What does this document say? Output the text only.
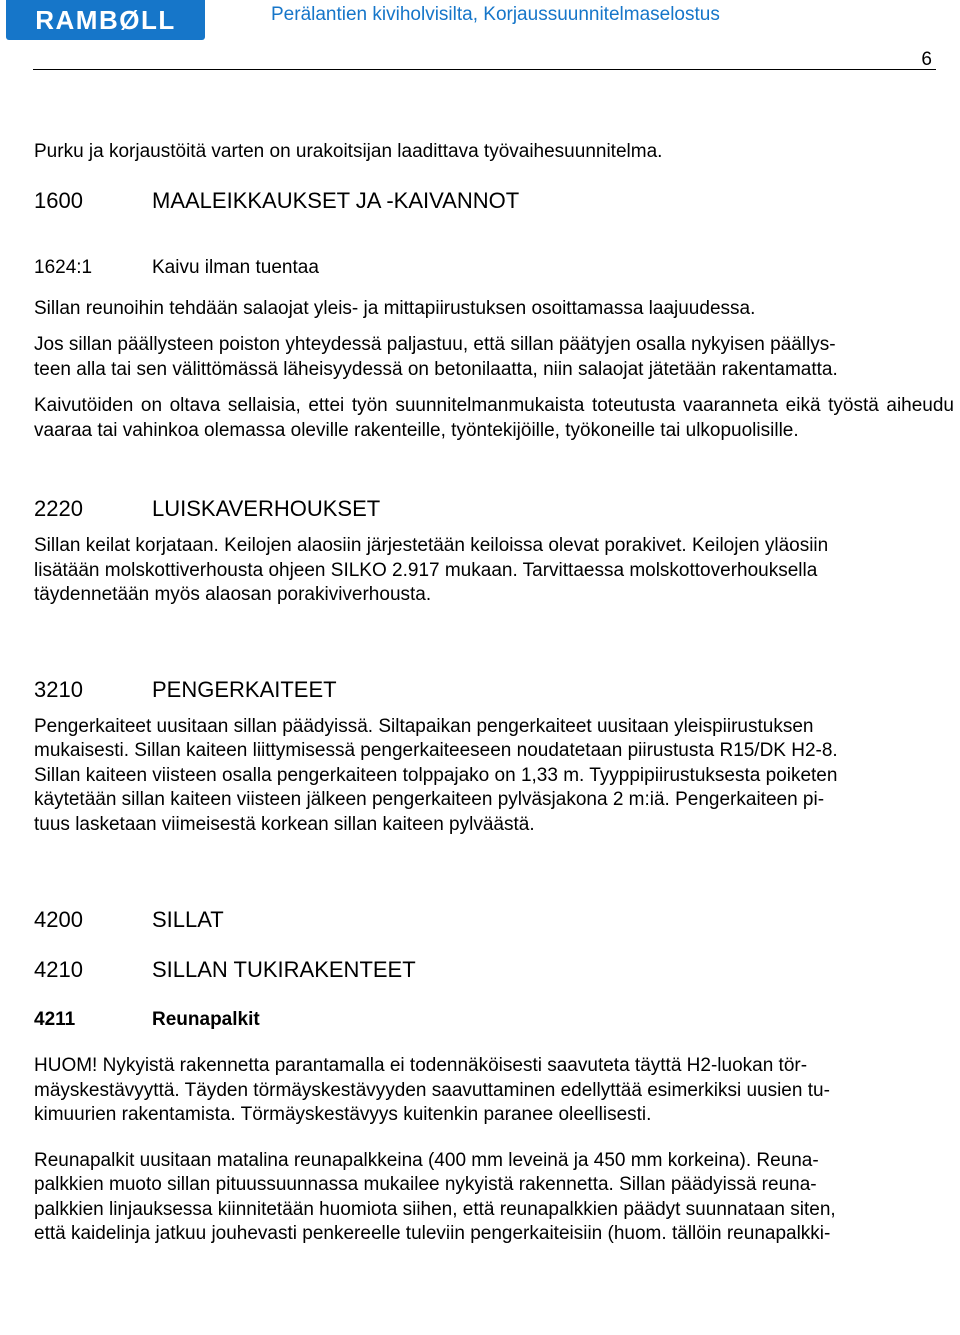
RAMBØLL	Perälantien kiviholvisilta, Korjaussuunnitelmaselostus
6

Purku ja korjaustöitä varten on urakoitsijan laadittava työvaihesuunnitelma.

1600	MAALEIKKAUKSET JA -KAIVANNOT
1624:1	Kaivu ilman tuentaa

Sillan reunoihin tehdään salaojat yleis- ja mittapiirustuksen osoittamassa laajuudessa.

Jos sillan päällysteen poiston yhteydessä paljastuu, että sillan päätyjen osalla nykyisen päällys-
teen alla tai sen välittömässä läheisyydessä on betonilaatta, niin salaojat jätetään rakentamatta.

Kaivutöiden on oltava sellaisia, ettei työn suunnitelmanmukaista toteutusta vaaranneta eikä työstä aiheudu vaaraa tai vahinkoa olemassa oleville rakenteille, työntekijöille, työkoneille tai ulkopuolisille.

2220	LUISKAVERHOUKSET
Sillan keilat korjataan. Keilojen alaosiin järjestetään keiloissa olevat porakivet. Keilojen yläosiin
lisätään molskottiverhousta ohjeen SILKO 2.917 mukaan. Tarvittaessa molskottoverhouksella
täydennetään myös alaosan porakiviverhousta.
3210	PENGERKAITEET
Pengerkaiteet uusitaan sillan päädyissä. Siltapaikan pengerkaiteet uusitaan yleispiirustuksen
mukaisesti. Sillan kaiteen liittymisessä pengerkaiteeseen noudatetaan piirustusta R15/DK H2-8.
Sillan kaiteen viisteen osalla pengerkaiteen tolppajako on 1,33 m. Tyyppipiirustuksesta poiketen
käytetään sillan kaiteen viisteen jälkeen pengerkaiteen pylväsjakona 2 m:iä. Pengerkaiteen pi-
tuus lasketaan viimeisestä korkean sillan kaiteen pylväästä.
4200	SILLAT
4210	SILLAN TUKIRAKENTEET
4211	Reunapalkit
HUOM! Nykyistä rakennetta parantamalla ei todennäköisesti saavuteta täyttä H2-luokan tör-
mäyskestävyyttä. Täyden törmäyskestävyyden saavuttaminen edellyttää esimerkiksi uusien tu-
kimuurien rakentamista. Törmäyskestävyys kuitenkin paranee oleellisesti.
Reunapalkit uusitaan matalina reunapalkkeina (400 mm leveinä ja 450 mm korkeina). Reuna-
palkkien muoto sillan pituussuunnassa mukailee nykyistä rakennetta. Sillan päädyissä reuna-
palkkien linjauksessa kiinnitetään huomiota siihen, että reunapalkkien päädyt suunnataan siten,
että kaidelinja jatkuu jouhevasti penkereelle tuleviin pengerkaiteisiin (huom. tällöin reunapalkki-
